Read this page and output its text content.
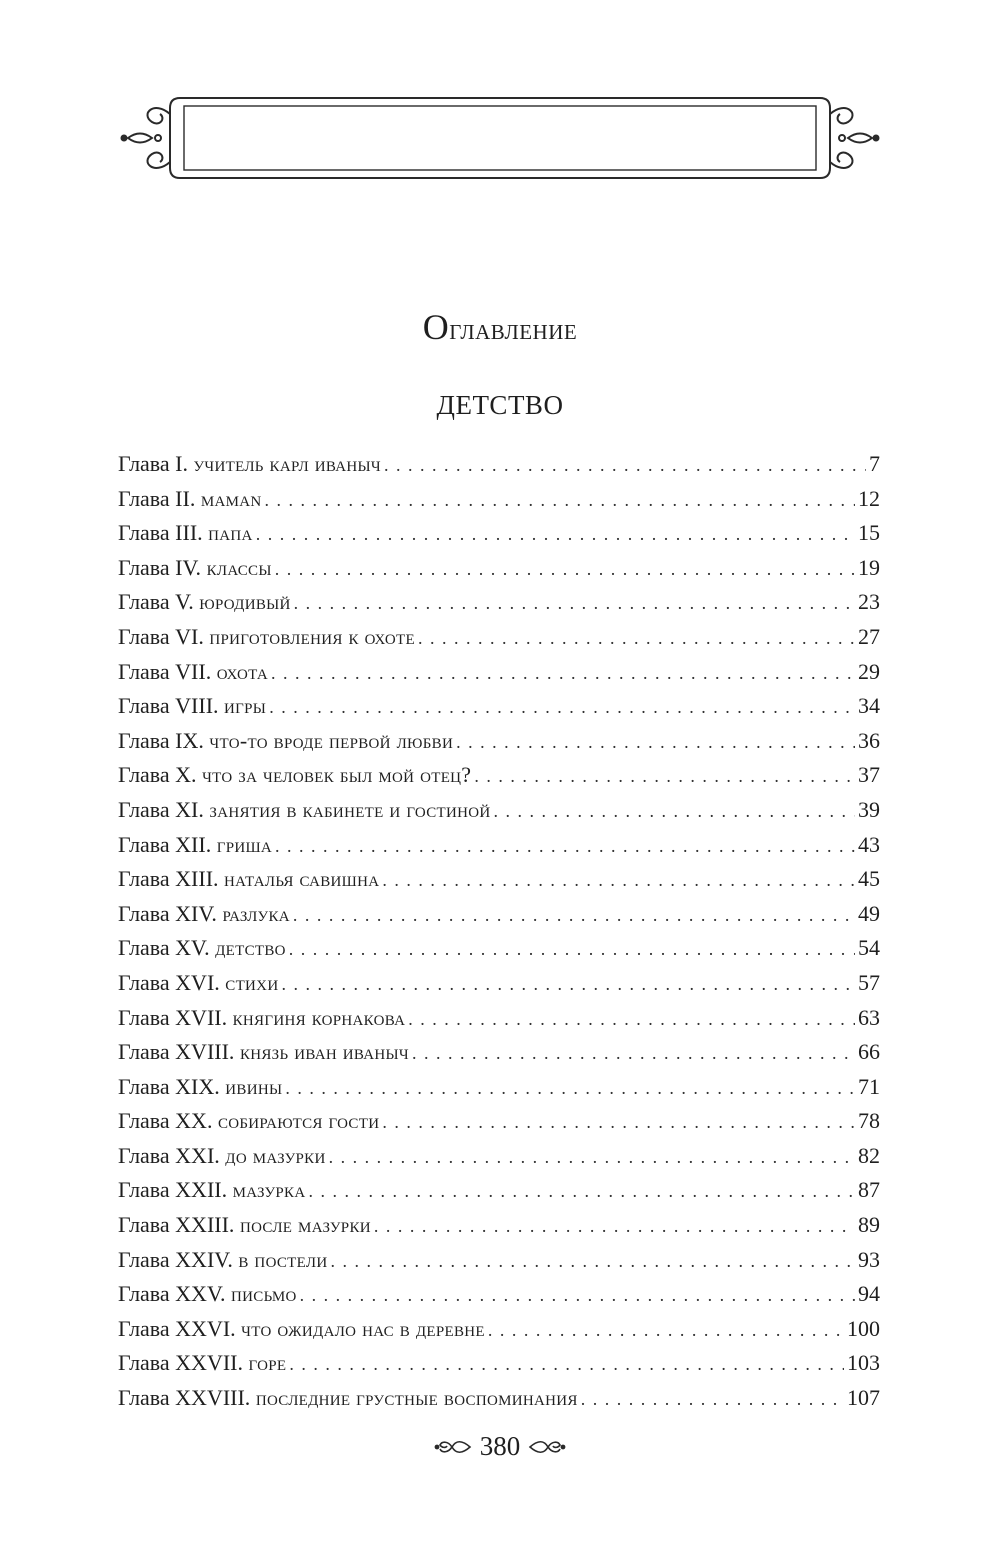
Оглавление
ДЕТСТВО
Глава I. учитель карл иваныч . . .	7
Глава II. maman . . .	12
Глава III. папа . . .	15
Глава IV. классы . . .	19
Глава V. юродивый . . .	23
Глава VI. приготовления к охоте . . .	27
Глава VII. охота . . .	29
Глава VIII. игры . . .	34
Глава IX. что-то вроде первой любви . . .	36
Глава X. что за человек был мой отец? . . .	37
Глава XI. занятия в кабинете и гостиной . . .	39
Глава XII. гриша . . .	43
Глава XIII. наталья савишна . . .	45
Глава XIV. разлука . . .	49
Глава XV. детство . . .	54
Глава XVI. стихи . . .	57
Глава XVII. княгиня корнакова . . .	63
Глава XVIII. князь иван иваныч . . .	66
Глава XIX. ивины . . .	71
Глава XX. собираются гости . . .	78
Глава XXI. до мазурки . . .	82
Глава XXII. мазурка . . .	87
Глава XXIII. после мазурки . . .	89
Глава XXIV. в постели . . .	93
Глава XXV. письмо . . .	94
Глава XXVI. что ожидало нас в деревне . . .	100
Глава XXVII. горе . . .	103
Глава XXVIII. последние грустные воспоминания . . .	107
380
